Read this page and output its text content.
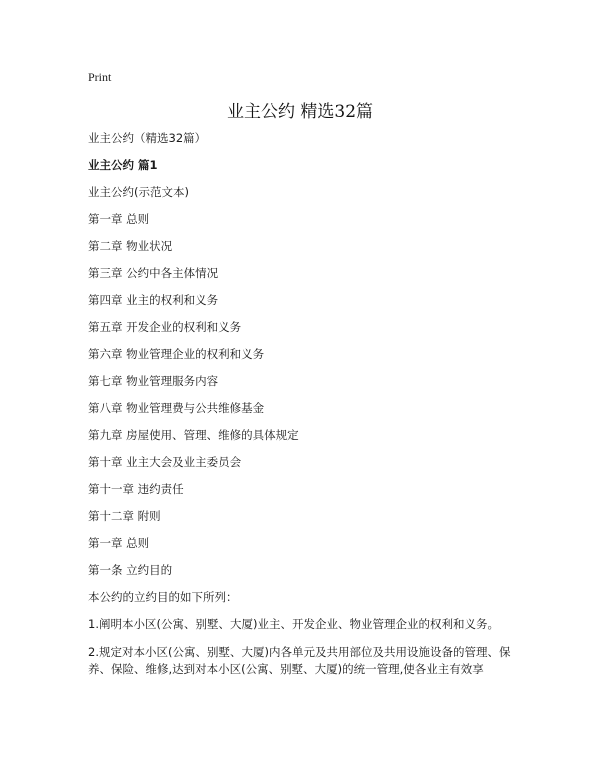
Print
业主公约 精选32篇
业主公约（精选32篇）
业主公约 篇1
业主公约(示范文本)
第一章 总则
第二章 物业状况
第三章 公约中各主体情况
第四章 业主的权利和义务
第五章 开发企业的权利和义务
第六章 物业管理企业的权利和义务
第七章 物业管理服务内容
第八章 物业管理费与公共维修基金
第九章 房屋使用、管理、维修的具体规定
第十章 业主大会及业主委员会
第十一章 违约责任
第十二章 附则
第一章 总则
第一条 立约目的
本公约的立约目的如下所列：
1.阐明本小区(公寓、别墅、大厦)业主、开发企业、物业管理企业的权利和义务。
2.规定对本小区(公寓、别墅、大厦)内各单元及共用部位及共用设施设备的管理、保养、保险、维修,达到对本小区(公寓、别墅、大厦)的统一管理,使各业主有效享
